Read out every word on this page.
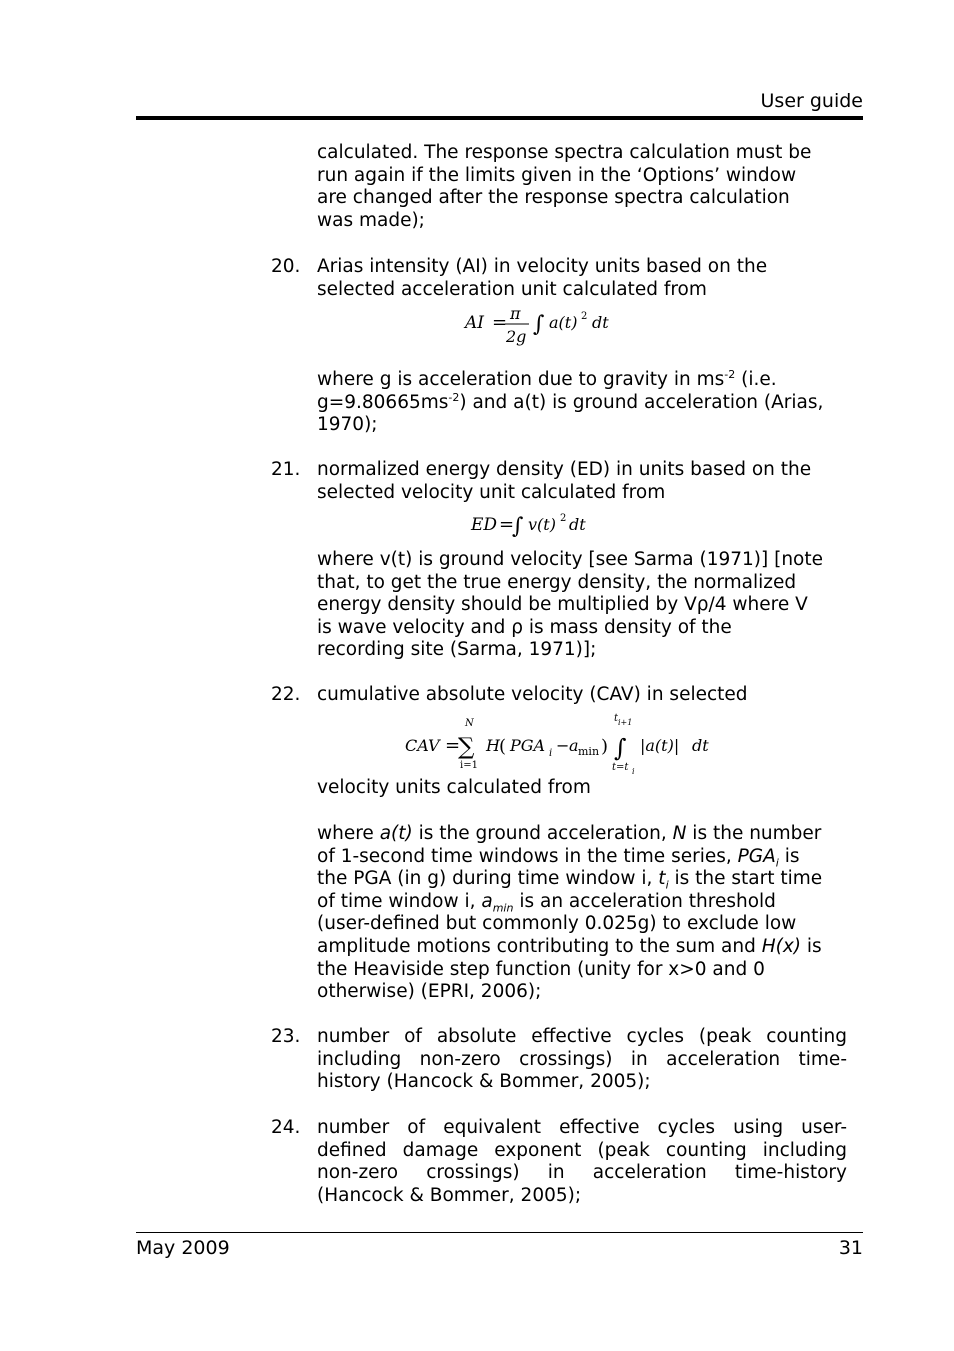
User guide
calculated. The response spectra calculation must be
run again if the limits given in the ‘Options’ window
are changed after the response spectra calculation
was made);
20. Arias intensity (AI) in velocity units based on the
selected acceleration unit calculated from
AI = π
2g ∫ a(t) 2 dt
where g is acceleration due to gravity in $ms^{-2}$ (i.e.
$g=9.80665ms^{-2}$) and a(t) is ground acceleration (Arias,
1970);
21. normalized energy density (ED) in units based on the
selected velocity unit calculated from
ED =
∫ v(t) 2 dt
where v(t) is ground velocity [see Sarma (1971)] [note
that, to get the true energy density, the normalized
energy density should be multiplied by Vρ/4 where V
is wave velocity and ρ is mass density of the
recording site (Sarma, 1971)];
22. cumulative absolute velocity (CAV) in selected
CAV =
N
∑
i=1
H ( PGA i − a min )
t i+1
∫
t=t i
|a(t)| dt
velocity units calculated from
where a(t) is the ground acceleration, N is the number
of 1-second time windows in the time series, $PGA_i$ is
the PGA (in g) during time window i, $t_i$ is the start time
of time window i, $a_{min}$ is an acceleration threshold
(user-defined but commonly 0.025g) to exclude low
amplitude motions contributing to the sum and H(x) is
the Heaviside step function (unity for x>0 and 0
otherwise) (EPRI, 2006);
23. number of absolute effective cycles (peak counting
including non-zero crossings) in acceleration time-
history (Hancock & Bommer, 2005);
24. number of equivalent effective cycles using user-
defined damage exponent (peak counting including
non-zero crossings) in acceleration time-history
(Hancock & Bommer, 2005);
May 2009	31
